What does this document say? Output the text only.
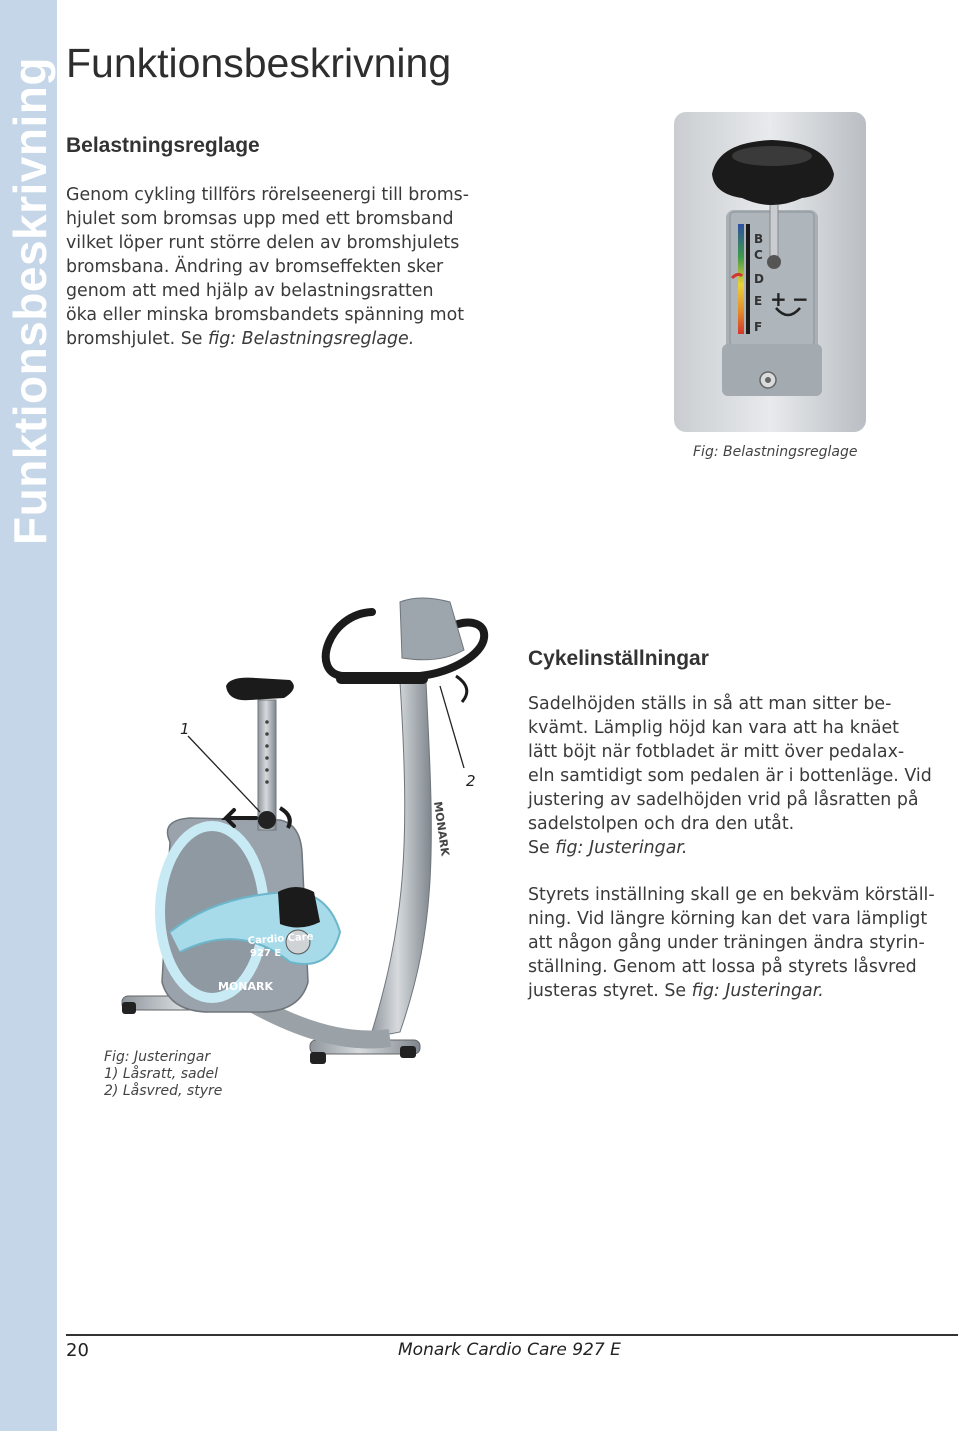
Funktionsbeskrivning Funktionsbeskrivning
Belastningsreglage
Genom cykling tillförs rörelseenergi till broms-
hjulet som bromsas upp med ett bromsband
vilket löper runt större delen av bromshjulets
bromsbana. Ändring av bromseffekten sker
genom att med hjälp av belastningsratten
öka eller minska bromsbandets spänning mot
bromshjulet. Se fig: Belastningsreglage.
B
C
D
E
F
+ −
Fig: Belastningsreglage
1
2
Cardio Care
927 E
MONARK
MONARK
Cykelinställningar
Sadelhöjden ställs in så att man sitter be-
kvämt. Lämplig höjd kan vara att ha knäet
lätt böjt när fotbladet är mitt över pedalax-
eln samtidigt som pedalen är i bottenläge. Vid
justering av sadelhöjden vrid på låsratten på
sadelstolpen och dra den utåt.
Se fig: Justeringar.
Styrets inställning skall ge en bekväm körställ-
ning. Vid längre körning kan det vara lämpligt
att någon gång under träningen ändra styrin-
ställning. Genom att lossa på styrets låsvred
justeras styret. Se fig: Justeringar.
Fig: Justeringar
1) Låsratt, sadel
2) Låsvred, styre
20	Monark Cardio Care 927 E
